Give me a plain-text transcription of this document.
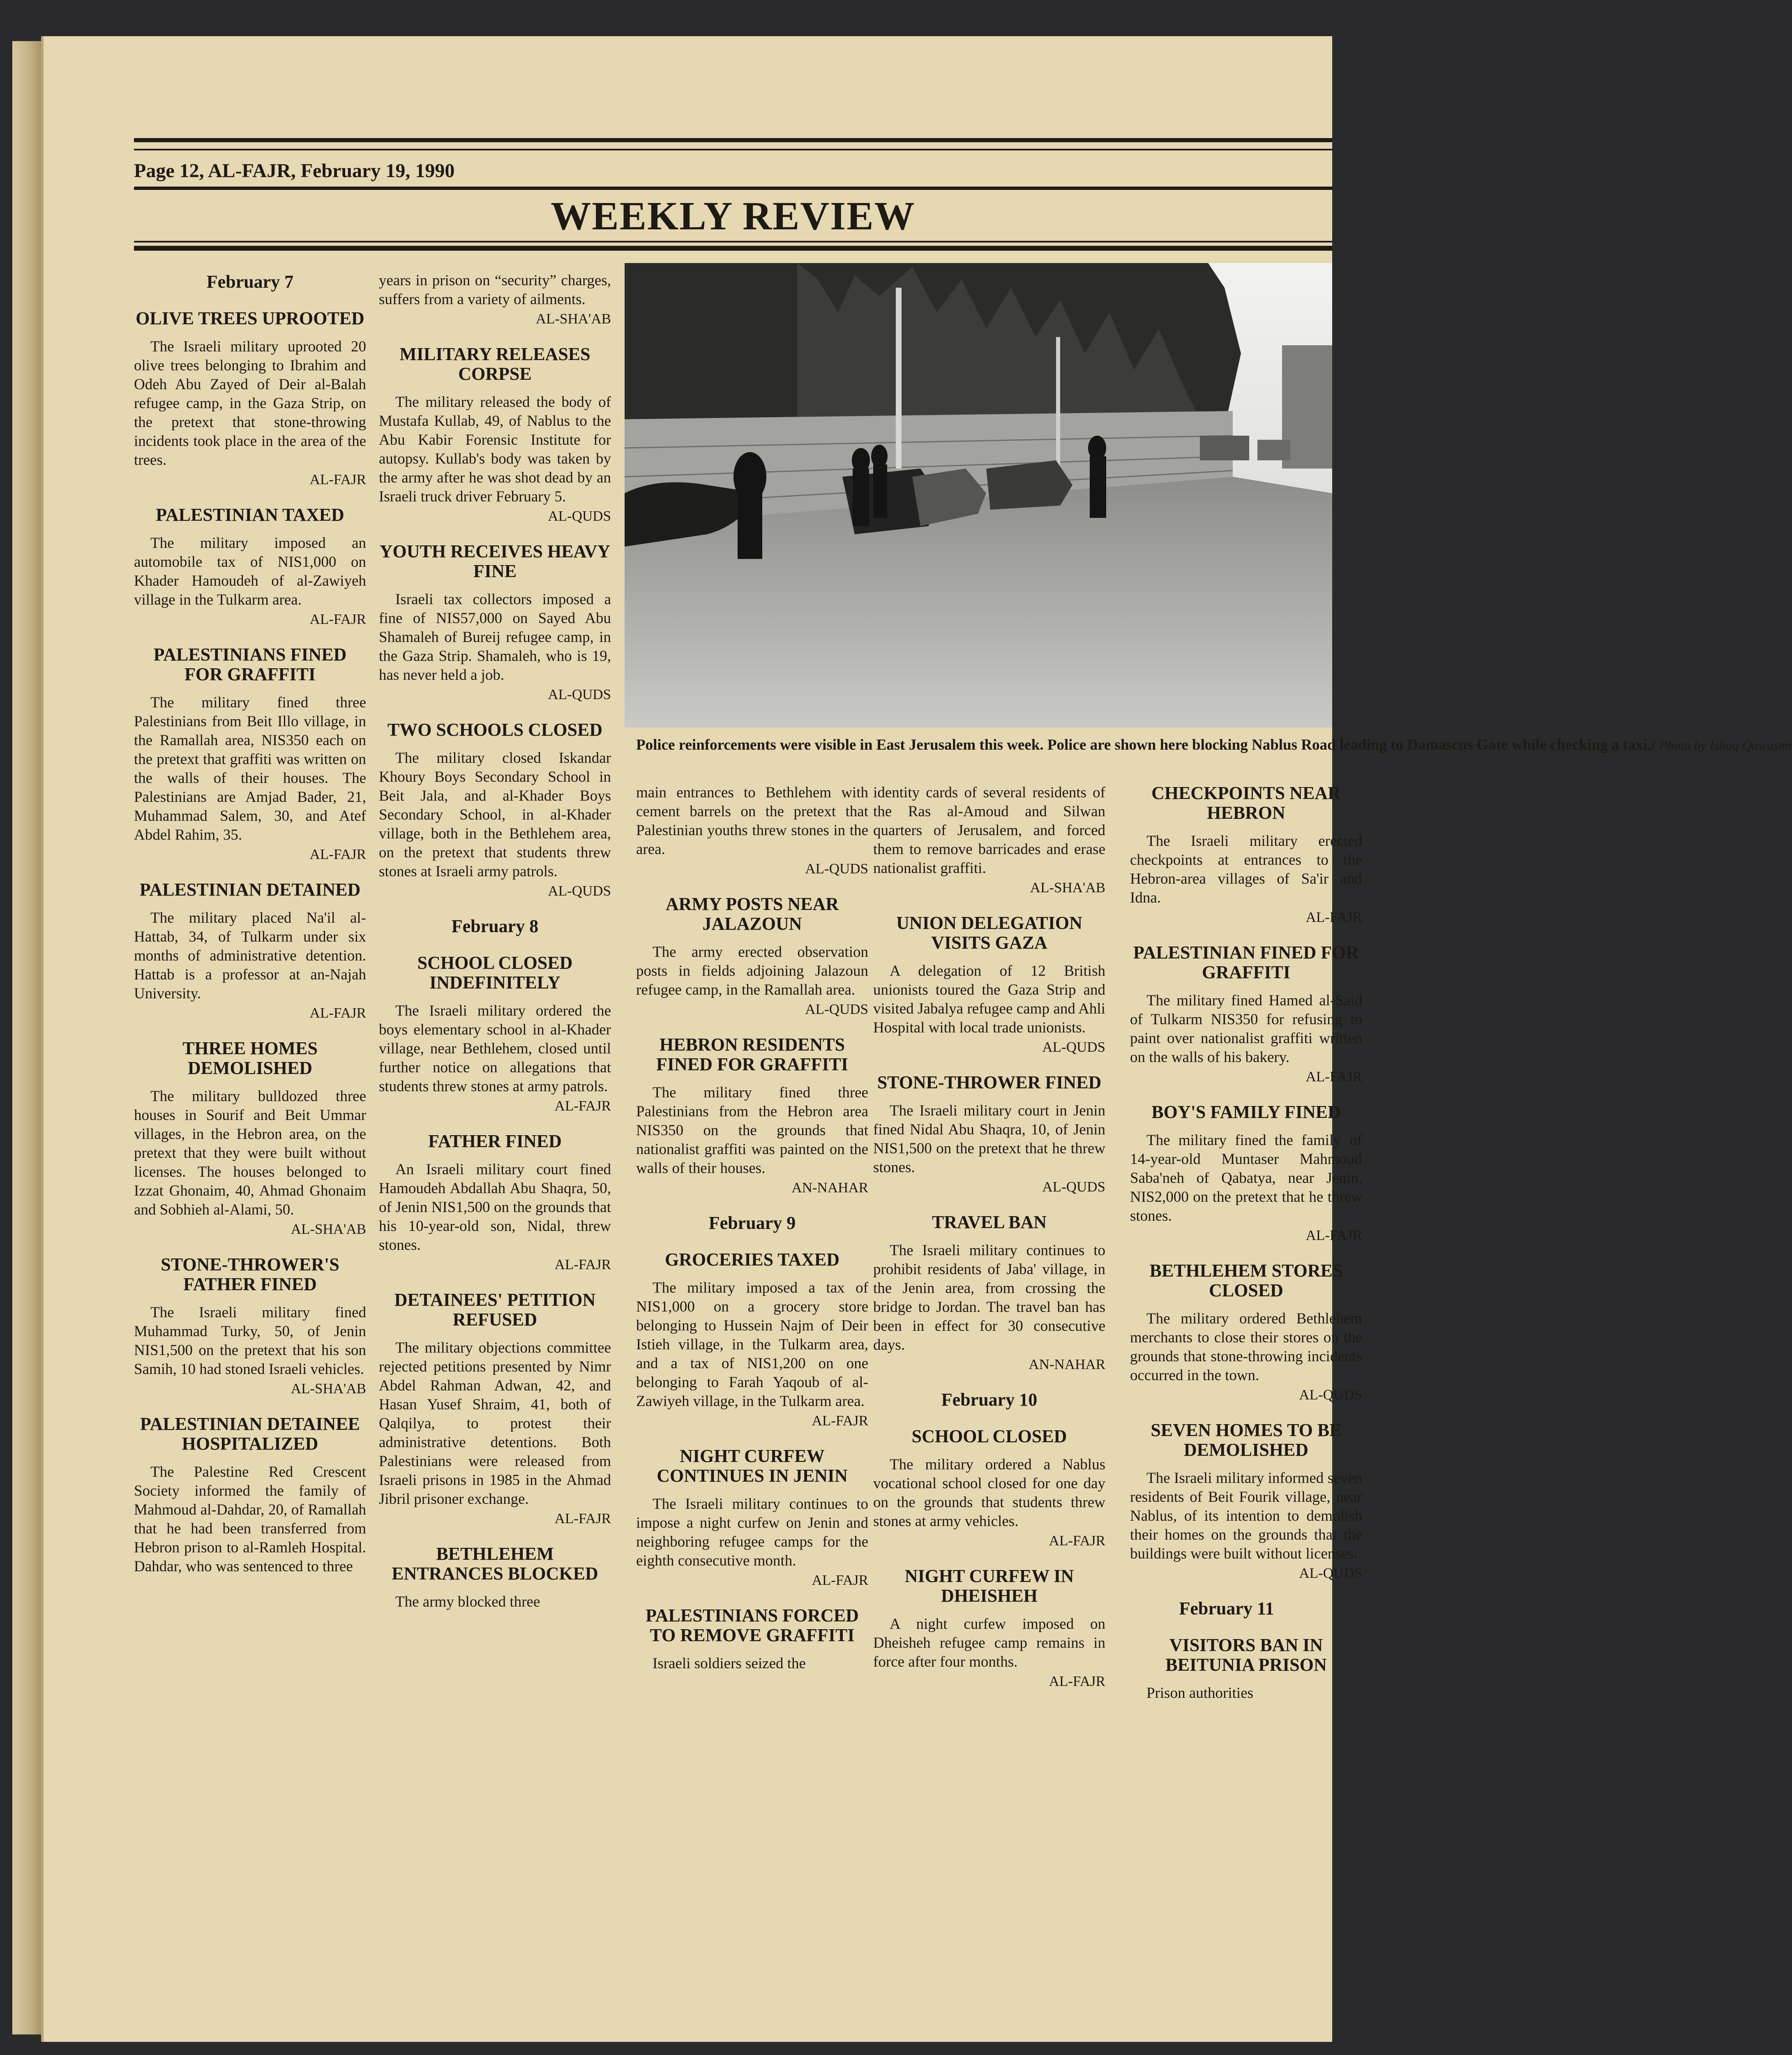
Page 12, AL-FAJR, February 19, 1990
WEEKLY REVIEW
Police reinforcements were visible in East Jerusalem this week. Police are shown here blocking Nablus Road leading to Damascus Gate while checking a taxi./ Photo by Ishaq Qawasmi
February 7
OLIVE TREES UPROOTED
The Israeli military uprooted 20 olive trees belonging to Ibrahim and Odeh Abu Zayed of Deir al-Balah refugee camp, in the Gaza Strip, on the pretext that stone-throwing incidents took place in the area of the trees.
AL-FAJR
PALESTINIAN TAXED
The military imposed an automobile tax of NIS1,000 on Khader Hamoudeh of al-Zawiyeh village in the Tulkarm area.
AL-FAJR
PALESTINIANS FINED FOR GRAFFITI
The military fined three Palestinians from Beit Illo village, in the Ramallah area, NIS350 each on the pretext that graffiti was written on the walls of their houses. The Palestinians are Amjad Bader, 21, Muhammad Salem, 30, and Atef Abdel Rahim, 35.
AL-FAJR
PALESTINIAN DETAINED
The military placed Na'il al-Hattab, 34, of Tulkarm under six months of administrative detention. Hattab is a professor at an-Najah University.
AL-FAJR
THREE HOMES DEMOLISHED
The military bulldozed three houses in Sourif and Beit Ummar villages, in the Hebron area, on the pretext that they were built without licenses. The houses belonged to Izzat Ghonaim, 40, Ahmad Ghonaim and Sobhieh al-Alami, 50.
AL-SHA'AB
STONE-THROWER'S FATHER FINED
The Israeli military fined Muhammad Turky, 50, of Jenin NIS1,500 on the pretext that his son Samih, 10 had stoned Israeli vehicles.
AL-SHA'AB
PALESTINIAN DETAINEE HOSPITALIZED
The Palestine Red Crescent Society informed the family of Mahmoud al-Dahdar, 20, of Ramallah that he had been transferred from Hebron prison to al-Ramleh Hospital. Dahdar, who was sentenced to three
years in prison on “security” charges, suffers from a variety of ailments.
AL-SHA'AB
MILITARY RELEASES CORPSE
The military released the body of Mustafa Kullab, 49, of Nablus to the Abu Kabir Forensic Institute for autopsy. Kullab's body was taken by the army after he was shot dead by an Israeli truck driver February 5.
AL-QUDS
YOUTH RECEIVES HEAVY FINE
Israeli tax collectors imposed a fine of NIS57,000 on Sayed Abu Shamaleh of Bureij refugee camp, in the Gaza Strip. Shamaleh, who is 19, has never held a job.
AL-QUDS
TWO SCHOOLS CLOSED
The military closed Iskandar Khoury Boys Secondary School in Beit Jala, and al-Khader Boys Secondary School, in al-Khader village, both in the Bethlehem area, on the pretext that students threw stones at Israeli army patrols.
AL-QUDS
February 8
SCHOOL CLOSED INDEFINITELY
The Israeli military ordered the boys elementary school in al-Khader village, near Bethlehem, closed until further notice on allegations that students threw stones at army patrols.
AL-FAJR
FATHER FINED
An Israeli military court fined Hamoudeh Abdallah Abu Shaqra, 50, of Jenin NIS1,500 on the grounds that his 10-year-old son, Nidal, threw stones.
AL-FAJR
DETAINEES' PETITION REFUSED
The military objections committee rejected petitions presented by Nimr Abdel Rahman Adwan, 42, and Hasan Yusef Shraim, 41, both of Qalqilya, to protest their administrative detentions. Both Palestinians were released from Israeli prisons in 1985 in the Ahmad Jibril prisoner exchange.
AL-FAJR
BETHLEHEM ENTRANCES BLOCKED
The army blocked three
main entrances to Bethlehem with cement barrels on the pretext that Palestinian youths threw stones in the area.
AL-QUDS
ARMY POSTS NEAR JALAZOUN
The army erected observation posts in fields adjoining Jalazoun refugee camp, in the Ramallah area.
AL-QUDS
HEBRON RESIDENTS FINED FOR GRAFFITI
The military fined three Palestinians from the Hebron area NIS350 on the grounds that nationalist graffiti was painted on the walls of their houses.
AN-NAHAR
February 9
GROCERIES TAXED
The military imposed a tax of NIS1,000 on a grocery store belonging to Hussein Najm of Deir Istieh village, in the Tulkarm area, and a tax of NIS1,200 on one belonging to Farah Yaqoub of al-Zawiyeh village, in the Tulkarm area.
AL-FAJR
NIGHT CURFEW CONTINUES IN JENIN
The Israeli military continues to impose a night curfew on Jenin and neighboring refugee camps for the eighth consecutive month.
AL-FAJR
PALESTINIANS FORCED TO REMOVE GRAFFITI
Israeli soldiers seized the
identity cards of several residents of the Ras al-Amoud and Silwan quarters of Jerusalem, and forced them to remove barricades and erase nationalist graffiti.
AL-SHA'AB
UNION DELEGATION VISITS GAZA
A delegation of 12 British unionists toured the Gaza Strip and visited Jabalya refugee camp and Ahli Hospital with local trade unionists.
AL-QUDS
STONE-THROWER FINED
The Israeli military court in Jenin fined Nidal Abu Shaqra, 10, of Jenin NIS1,500 on the pretext that he threw stones.
AL-QUDS
TRAVEL BAN
The Israeli military continues to prohibit residents of Jaba' village, in the Jenin area, from crossing the bridge to Jordan. The travel ban has been in effect for 30 consecutive days.
AN-NAHAR
February 10
SCHOOL CLOSED
The military ordered a Nablus vocational school closed for one day on the grounds that students threw stones at army vehicles.
AL-FAJR
NIGHT CURFEW IN DHEISHEH
A night curfew imposed on Dheisheh refugee camp remains in force after four months.
AL-FAJR
CHECKPOINTS NEAR HEBRON
The Israeli military erected checkpoints at entrances to the Hebron-area villages of Sa'ir and Idna.
AL-FAJR
PALESTINIAN FINED FOR GRAFFITI
The military fined Hamed al-Said of Tulkarm NIS350 for refusing to paint over nationalist graffiti written on the walls of his bakery.
AL-FAJR
BOY'S FAMILY FINED
The military fined the family of 14-year-old Muntaser Mahmoud Saba'neh of Qabatya, near Jenin, NIS2,000 on the pretext that he threw stones.
AL-FAJR
BETHLEHEM STORES CLOSED
The military ordered Bethlehem merchants to close their stores on the grounds that stone-throwing incidents occurred in the town.
AL-QUDS
SEVEN HOMES TO BE DEMOLISHED
The Israeli military informed seven residents of Beit Fourik village, near Nablus, of its intention to demolish their homes on the grounds that the buildings were built without licenses.
AL-QUDS
February 11
VISITORS BAN IN BEITUNIA PRISON
Prison authorities
